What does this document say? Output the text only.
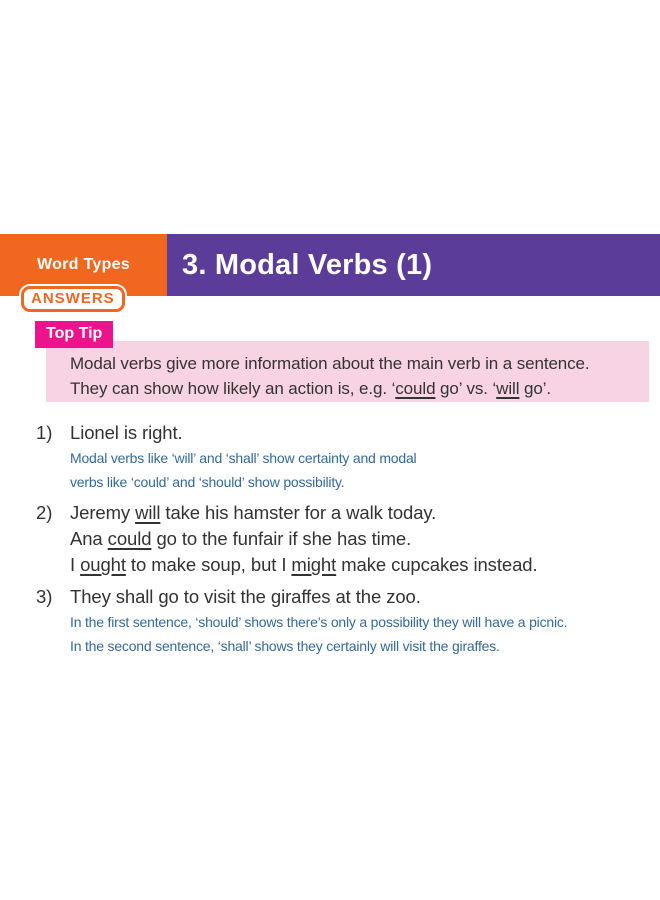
Word Types 3. Modal Verbs (1)
ANSWERS
Modal verbs give more information about the main verb in a sentence.
They can show how likely an action is, e.g. ‘could go’ vs. ‘will go’.
Top Tip
1) Lionel is right.
Modal verbs like ‘will’ and ‘shall’ show certainty and modal
verbs like ‘could’ and ‘should’ show possibility.
2) Jeremy will take his hamster for a walk today.
Ana could go to the funfair if she has time.
I ought to make soup, but I might make cupcakes instead.
3) They shall go to visit the giraffes at the zoo.
In the first sentence, ‘should’ shows there’s only a possibility they will have a picnic.
In the second sentence, ‘shall’ shows they certainly will visit the giraffes.
